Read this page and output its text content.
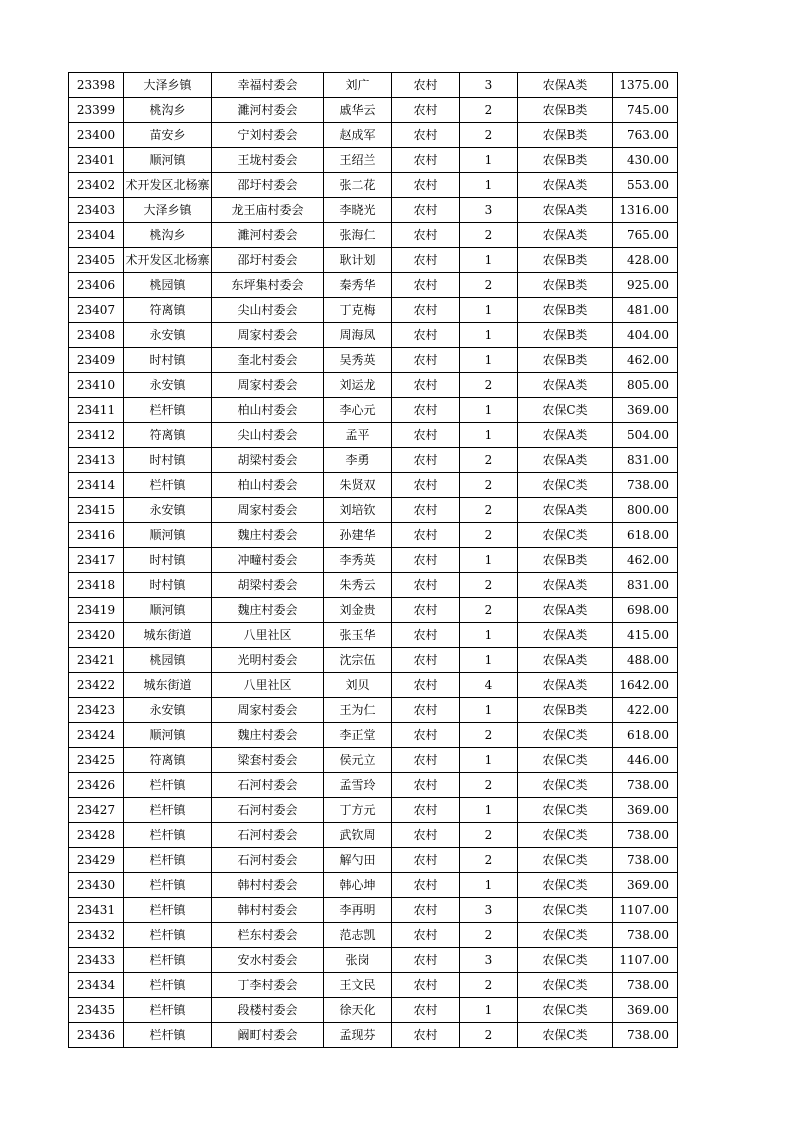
23398	大泽乡镇	幸福村委会	刘广	农村	3	农保A类	1375.00
23399	桃沟乡	濉河村委会	戚华云	农村	2	农保B类	745.00
23400	苗安乡	宁刘村委会	赵成军	农村	2	农保B类	763.00
23401	顺河镇	王垅村委会	王绍兰	农村	1	农保B类	430.00
23402	术开发区北杨寨	邵圩村委会	张二花	农村	1	农保A类	553.00
23403	大泽乡镇	龙王庙村委会	李晓光	农村	3	农保A类	1316.00
23404	桃沟乡	濉河村委会	张海仁	农村	2	农保A类	765.00
23405	术开发区北杨寨	邵圩村委会	耿计划	农村	1	农保B类	428.00
23406	桃园镇	东坪集村委会	秦秀华	农村	2	农保B类	925.00
23407	符离镇	尖山村委会	丁克梅	农村	1	农保B类	481.00
23408	永安镇	周家村委会	周海凤	农村	1	农保B类	404.00
23409	时村镇	奎北村委会	吴秀英	农村	1	农保B类	462.00
23410	永安镇	周家村委会	刘运龙	农村	2	农保A类	805.00
23411	栏杆镇	柏山村委会	李心元	农村	1	农保C类	369.00
23412	符离镇	尖山村委会	孟平	农村	1	农保A类	504.00
23413	时村镇	胡梁村委会	李勇	农村	2	农保A类	831.00
23414	栏杆镇	柏山村委会	朱贤双	农村	2	农保C类	738.00
23415	永安镇	周家村委会	刘培钦	农村	2	农保A类	800.00
23416	顺河镇	魏庄村委会	孙建华	农村	2	农保C类	618.00
23417	时村镇	冲疃村委会	李秀英	农村	1	农保B类	462.00
23418	时村镇	胡梁村委会	朱秀云	农村	2	农保A类	831.00
23419	顺河镇	魏庄村委会	刘金贵	农村	2	农保A类	698.00
23420	城东街道	八里社区	张玉华	农村	1	农保A类	415.00
23421	桃园镇	光明村委会	沈宗伍	农村	1	农保A类	488.00
23422	城东街道	八里社区	刘贝	农村	4	农保A类	1642.00
23423	永安镇	周家村委会	王为仁	农村	1	农保B类	422.00
23424	顺河镇	魏庄村委会	李正堂	农村	2	农保C类	618.00
23425	符离镇	梁套村委会	侯元立	农村	1	农保C类	446.00
23426	栏杆镇	石河村委会	孟雪玲	农村	2	农保C类	738.00
23427	栏杆镇	石河村委会	丁方元	农村	1	农保C类	369.00
23428	栏杆镇	石河村委会	武钦周	农村	2	农保C类	738.00
23429	栏杆镇	石河村委会	解勺田	农村	2	农保C类	738.00
23430	栏杆镇	韩村村委会	韩心坤	农村	1	农保C类	369.00
23431	栏杆镇	韩村村委会	李再明	农村	3	农保C类	1107.00
23432	栏杆镇	栏东村委会	范志凯	农村	2	农保C类	738.00
23433	栏杆镇	安水村委会	张岗	农村	3	农保C类	1107.00
23434	栏杆镇	丁李村委会	王文民	农村	2	农保C类	738.00
23435	栏杆镇	段楼村委会	徐天化	农村	1	农保C类	369.00
23436	栏杆镇	阚町村委会	孟现芬	农村	2	农保C类	738.00
